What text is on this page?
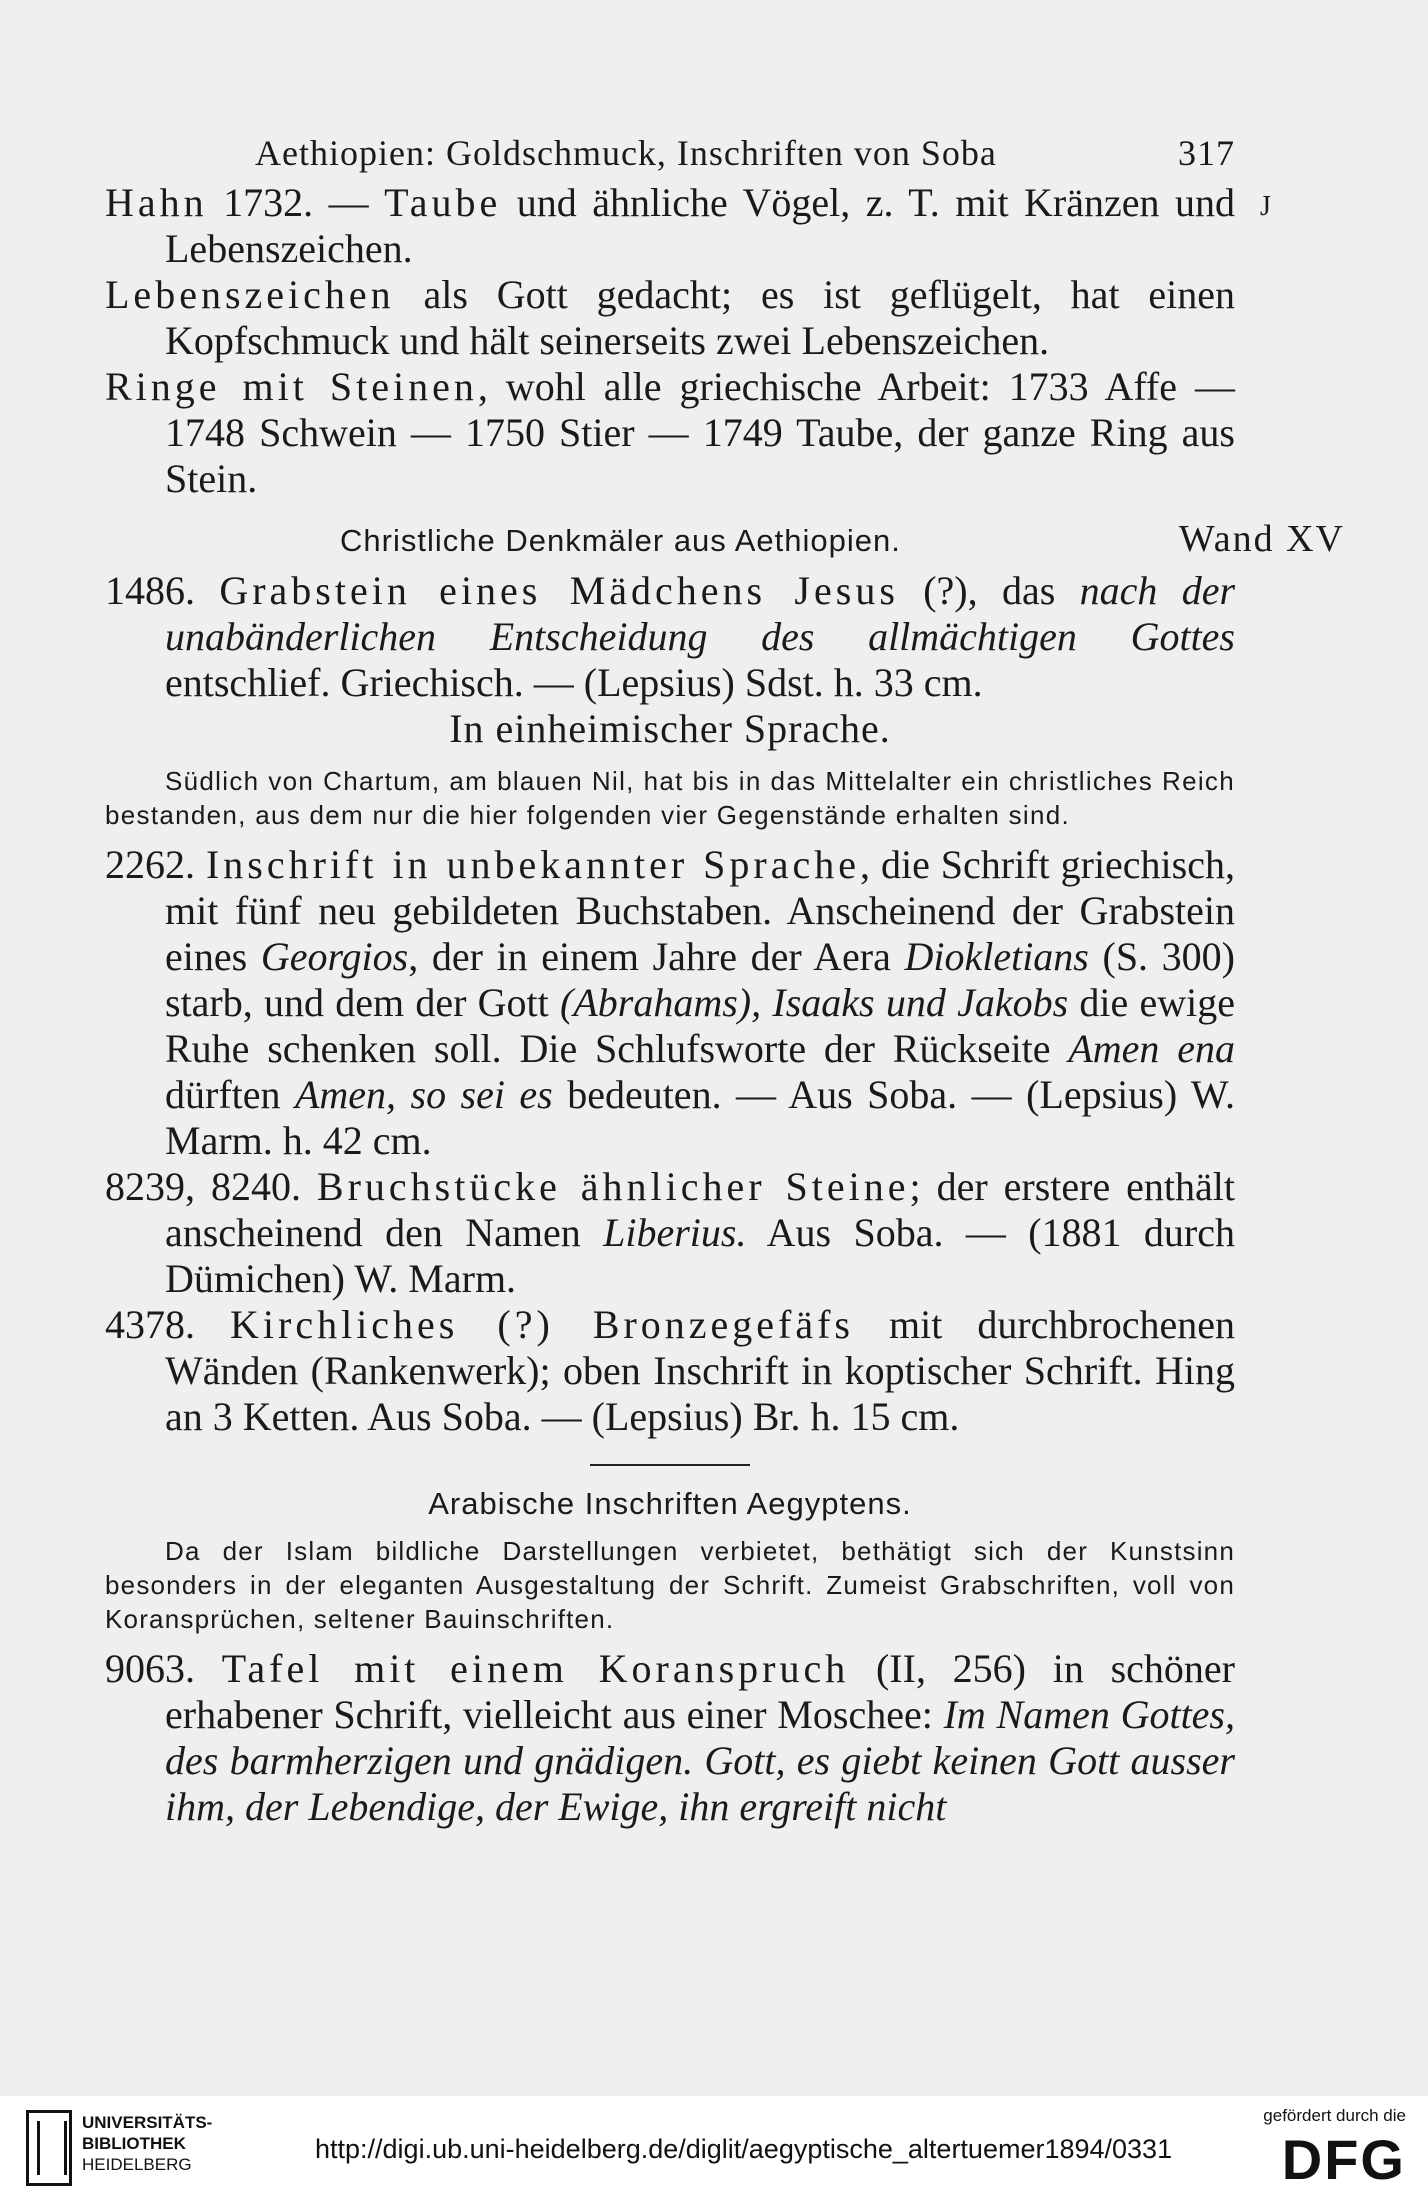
Aethiopien: Goldschmuck, Inschriften von Soba	317
Hahn 1732. — Taube und ähnliche Vögel, z. T. mit Kränzen und Lebenszeichen.
J
Lebenszeichen als Gott gedacht; es ist geflügelt, hat einen Kopfschmuck und hält seinerseits zwei Lebenszeichen.
Ringe mit Steinen, wohl alle griechische Arbeit: 1733 Affe — 1748 Schwein — 1750 Stier — 1749 Taube, der ganze Ring aus Stein.
Christliche Denkmäler aus Aethiopien.	Wand XV
1486. Grabstein eines Mädchens Jesus (?), das nach der unabänderlichen Entscheidung des allmächtigen Gottes entschlief. Griechisch. — (Lepsius) Sdst. h. 33 cm.
In einheimischer Sprache.
Südlich von Chartum, am blauen Nil, hat bis in das Mittelalter ein christliches Reich bestanden, aus dem nur die hier folgenden vier Gegenstände erhalten sind.
2262. Inschrift in unbekannter Sprache, die Schrift griechisch, mit fünf neu gebildeten Buchstaben. Anscheinend der Grabstein eines Georgios, der in einem Jahre der Aera Diokletians (S. 300) starb, und dem der Gott (Abrahams), Isaaks und Jakobs die ewige Ruhe schenken soll. Die Schlufsworte der Rückseite Amen ena dürften Amen, so sei es bedeuten. — Aus Soba. — (Lepsius) W. Marm. h. 42 cm.
8239, 8240. Bruchstücke ähnlicher Steine; der erstere enthält anscheinend den Namen Liberius. Aus Soba. — (1881 durch Dümichen) W. Marm.
4378. Kirchliches (?) Bronzegefäfs mit durchbrochenen Wänden (Rankenwerk); oben Inschrift in koptischer Schrift. Hing an 3 Ketten. Aus Soba. — (Lepsius) Br. h. 15 cm.
Arabische Inschriften Aegyptens.
Da der Islam bildliche Darstellungen verbietet, bethätigt sich der Kunstsinn besonders in der eleganten Ausgestaltung der Schrift. Zumeist Grabschriften, voll von Koransprüchen, seltener Bauinschriften.
9063. Tafel mit einem Koranspruch (II, 256) in schöner erhabener Schrift, vielleicht aus einer Moschee: Im Namen Gottes, des barmherzigen und gnädigen. Gott, es giebt keinen Gott ausser ihm, der Lebendige, der Ewige, ihn ergreift nicht
UNIVERSITÄTS-
BIBLIOTHEK
HEIDELBERG
http://digi.ub.uni-heidelberg.de/diglit/aegyptische_altertuemer1894/0331
gefördert durch die
DFG
